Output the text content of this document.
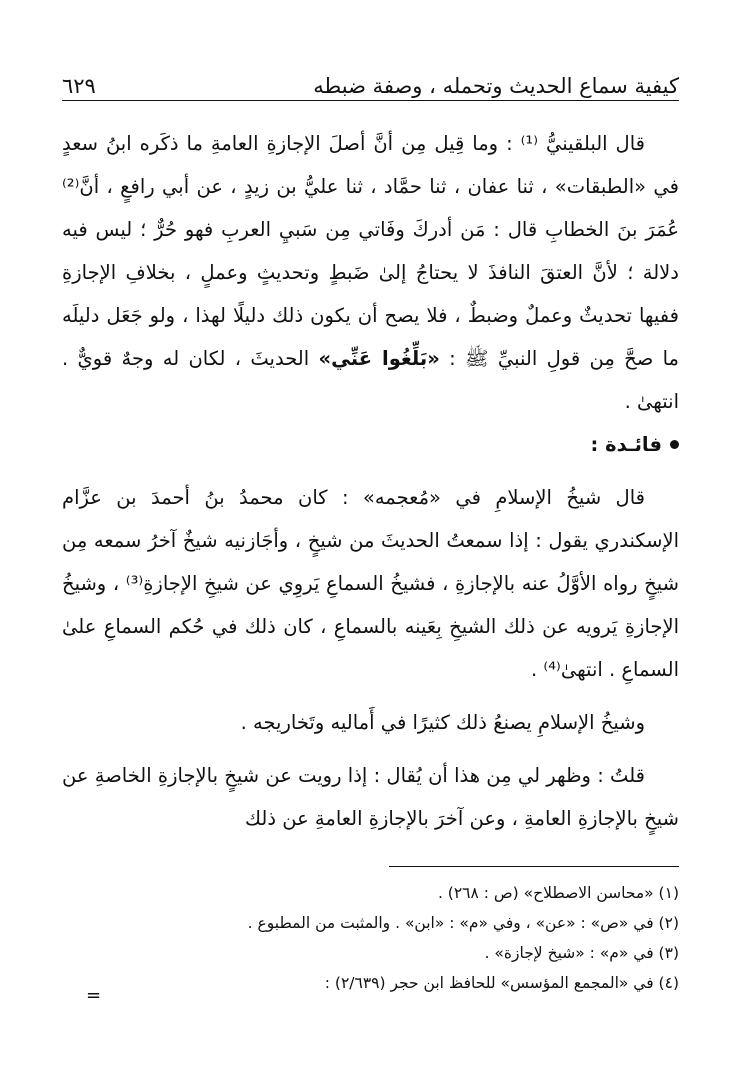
كيفية سماع الحديث وتحمله ، وصفة ضبطه
٦٢٩

قال البلقينيُّ ⁽¹⁾ : وما قِيل مِن أنَّ أصلَ الإجازةِ العامةِ ما ذكَره ابنُ سعدٍ في «الطبقات» ، ثنا عفان ، ثنا حمَّاد ، ثنا عليُّ بن زيدٍ ، عن أبي رافعٍ ، أنَّ⁽²⁾ عُمَرَ بنَ الخطابِ قال : مَن أدركَ وفَاتي مِن سَبيِ العربِ فهو حُرٌّ ؛ ليس فيه دلالة ؛ لأنَّ العتقَ النافذَ لا يحتاجُ إلىٰ ضَبطٍ وتحديثٍ وعملٍ ، بخلافِ الإجازةِ ففيها تحديثٌ وعملٌ وضبطٌ ، فلا يصح أن يكون ذلك دليلًا لهذا ، ولو جَعَل دليلَه ما صحَّ مِن قولِ النبيِّ ﷺ : «بَلِّغُوا عَنِّي» الحديثَ ، لكان له وجهٌ قويٌّ . انتهىٰ .

فائـدة :

قال شيخُ الإسلامِ في «مُعجمه» : كان محمدُ بنُ أحمدَ بن عزَّام الإسكندري يقول : إذا سمعتُ الحديثَ من شيخٍ ، وأجَازنيه شيخٌ آخرُ سمعه مِن شيخٍ رواه الأوَّلُ عنه بالإجازةِ ، فشيخُ السماعِ يَروِي عن شيخِ الإجازةِ⁽³⁾ ، وشيخُ الإجازةِ يَرويه عن ذلك الشيخِ بِعَينه بالسماعِ ، كان ذلك في حُكم السماعِ علىٰ السماعِ . انتهىٰ⁽⁴⁾ .

وشيخُ الإسلامِ يصنعُ ذلك كثيرًا في أَماليه وتَخاريجه .

قلتُ : وظهر لي مِن هذا أن يُقال : إذا رويت عن شيخٍ بالإجازةِ الخاصةِ عن شيخٍ بالإجازةِ العامةِ ، وعن آخرَ بالإجازةِ العامةِ عن ذلك

(١) «محاسن الاصطلاح» (ص : ٢٦٨) .

(٢) في «ص» : «عن» ، وفي «م» : «ابن» . والمثبت من المطبوع .

(٣) في «م» : «شيخ لإجازة» .

(٤) في «المجمع المؤسس» للحافظ ابن حجر (٢/٦٣٩) :

=
